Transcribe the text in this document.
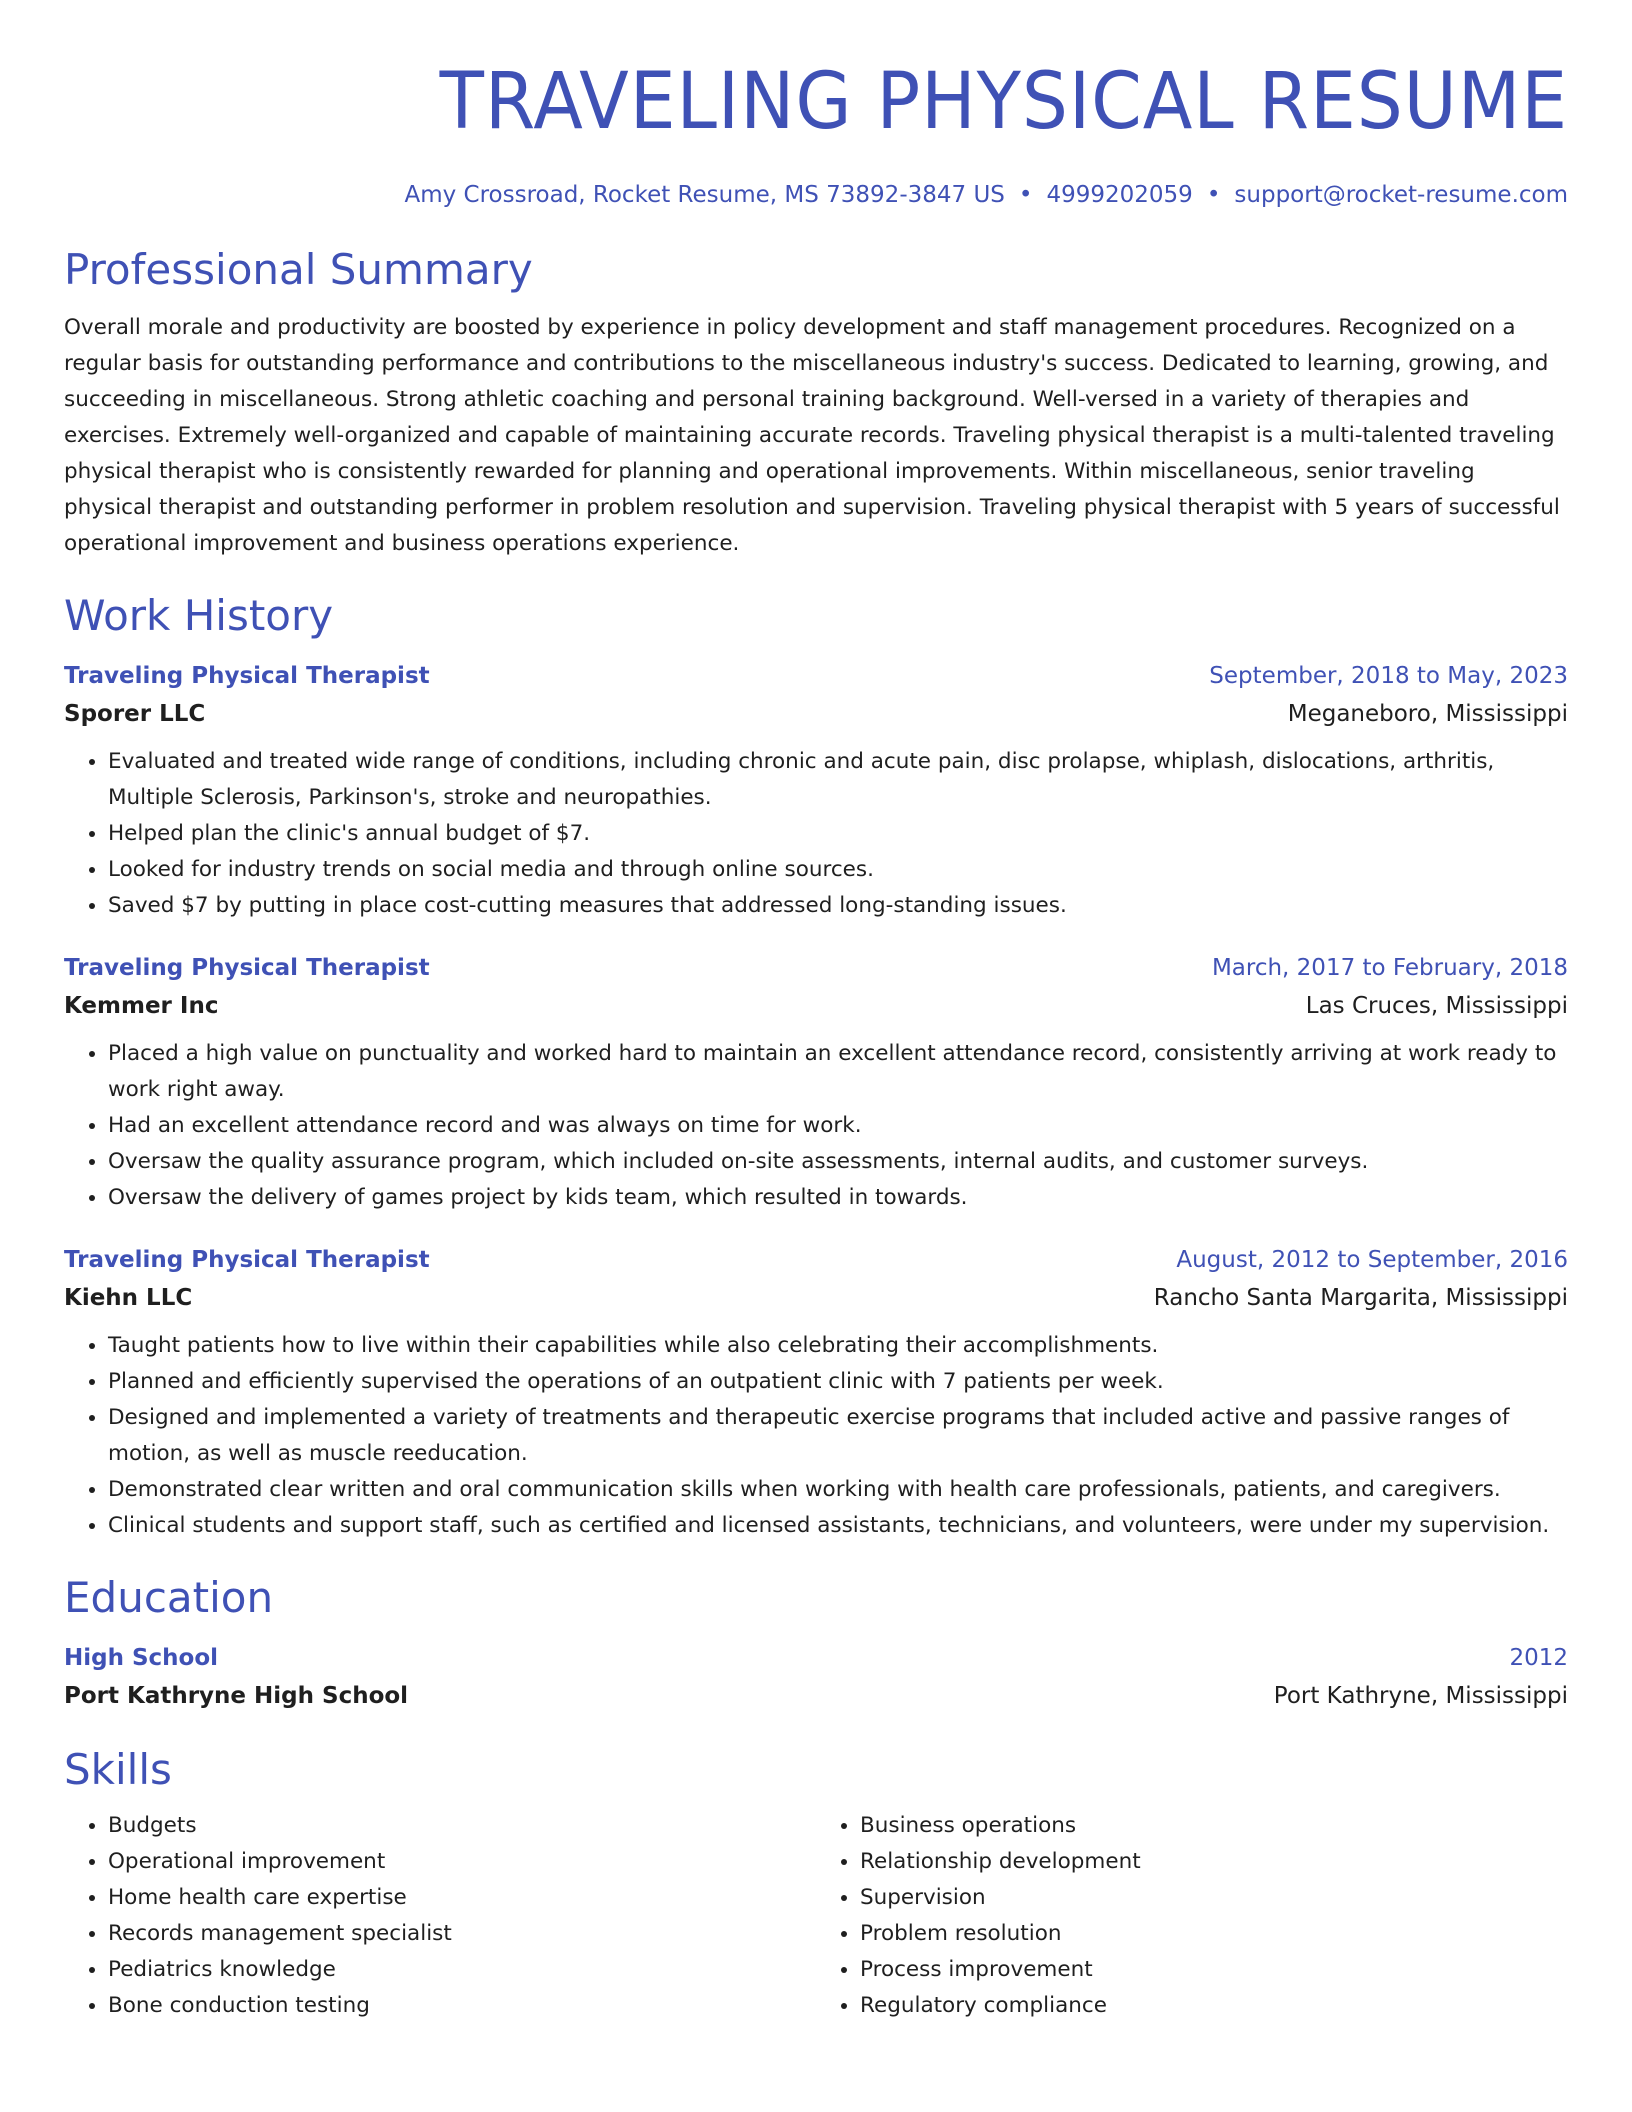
TRAVELING PHYSICAL RESUME
Amy Crossroad, Rocket Resume, MS 73892-3847 US • 4999202059 • support@rocket-resume.com
Professional Summary

Overall morale and productivity are boosted by experience in policy development and staff management procedures. Recognized on a regular basis for outstanding performance and contributions to the miscellaneous industry's success. Dedicated to learning, growing, and succeeding in miscellaneous. Strong athletic coaching and personal training background. Well-versed in a variety of therapies and exercises. Extremely well-organized and capable of maintaining accurate records. Traveling physical therapist is a multi-talented traveling physical therapist who is consistently rewarded for planning and operational improvements. Within miscellaneous, senior traveling physical therapist and outstanding performer in problem resolution and supervision. Traveling physical therapist with 5 years of successful operational improvement and business operations experience.

Work History
Traveling Physical Therapist	September, 2018 to May, 2023
Sporer LLC	Meganeboro, Mississippi
• Evaluated and treated wide range of conditions, including chronic and acute pain, disc prolapse, whiplash, dislocations, arthritis, Multiple Sclerosis, Parkinson's, stroke and neuropathies.
• Helped plan the clinic's annual budget of $7.
• Looked for industry trends on social media and through online sources.
• Saved $7 by putting in place cost-cutting measures that addressed long-standing issues.
Traveling Physical Therapist	March, 2017 to February, 2018
Kemmer Inc	Las Cruces, Mississippi
• Placed a high value on punctuality and worked hard to maintain an excellent attendance record, consistently arriving at work ready to work right away.
• Had an excellent attendance record and was always on time for work.
• Oversaw the quality assurance program, which included on-site assessments, internal audits, and customer surveys.
• Oversaw the delivery of games project by kids team, which resulted in towards.
Traveling Physical Therapist	August, 2012 to September, 2016
Kiehn LLC	Rancho Santa Margarita, Mississippi
• Taught patients how to live within their capabilities while also celebrating their accomplishments.
• Planned and efficiently supervised the operations of an outpatient clinic with 7 patients per week.
• Designed and implemented a variety of treatments and therapeutic exercise programs that included active and passive ranges of motion, as well as muscle reeducation.
• Demonstrated clear written and oral communication skills when working with health care professionals, patients, and caregivers.
• Clinical students and support staff, such as certified and licensed assistants, technicians, and volunteers, were under my supervision.
Education
High School	2012
Port Kathryne High School	Port Kathryne, Mississippi
Skills
• Budgets
• Operational improvement
• Home health care expertise
• Records management specialist
• Pediatrics knowledge
• Bone conduction testing
• Business operations
• Relationship development
• Supervision
• Problem resolution
• Process improvement
• Regulatory compliance
